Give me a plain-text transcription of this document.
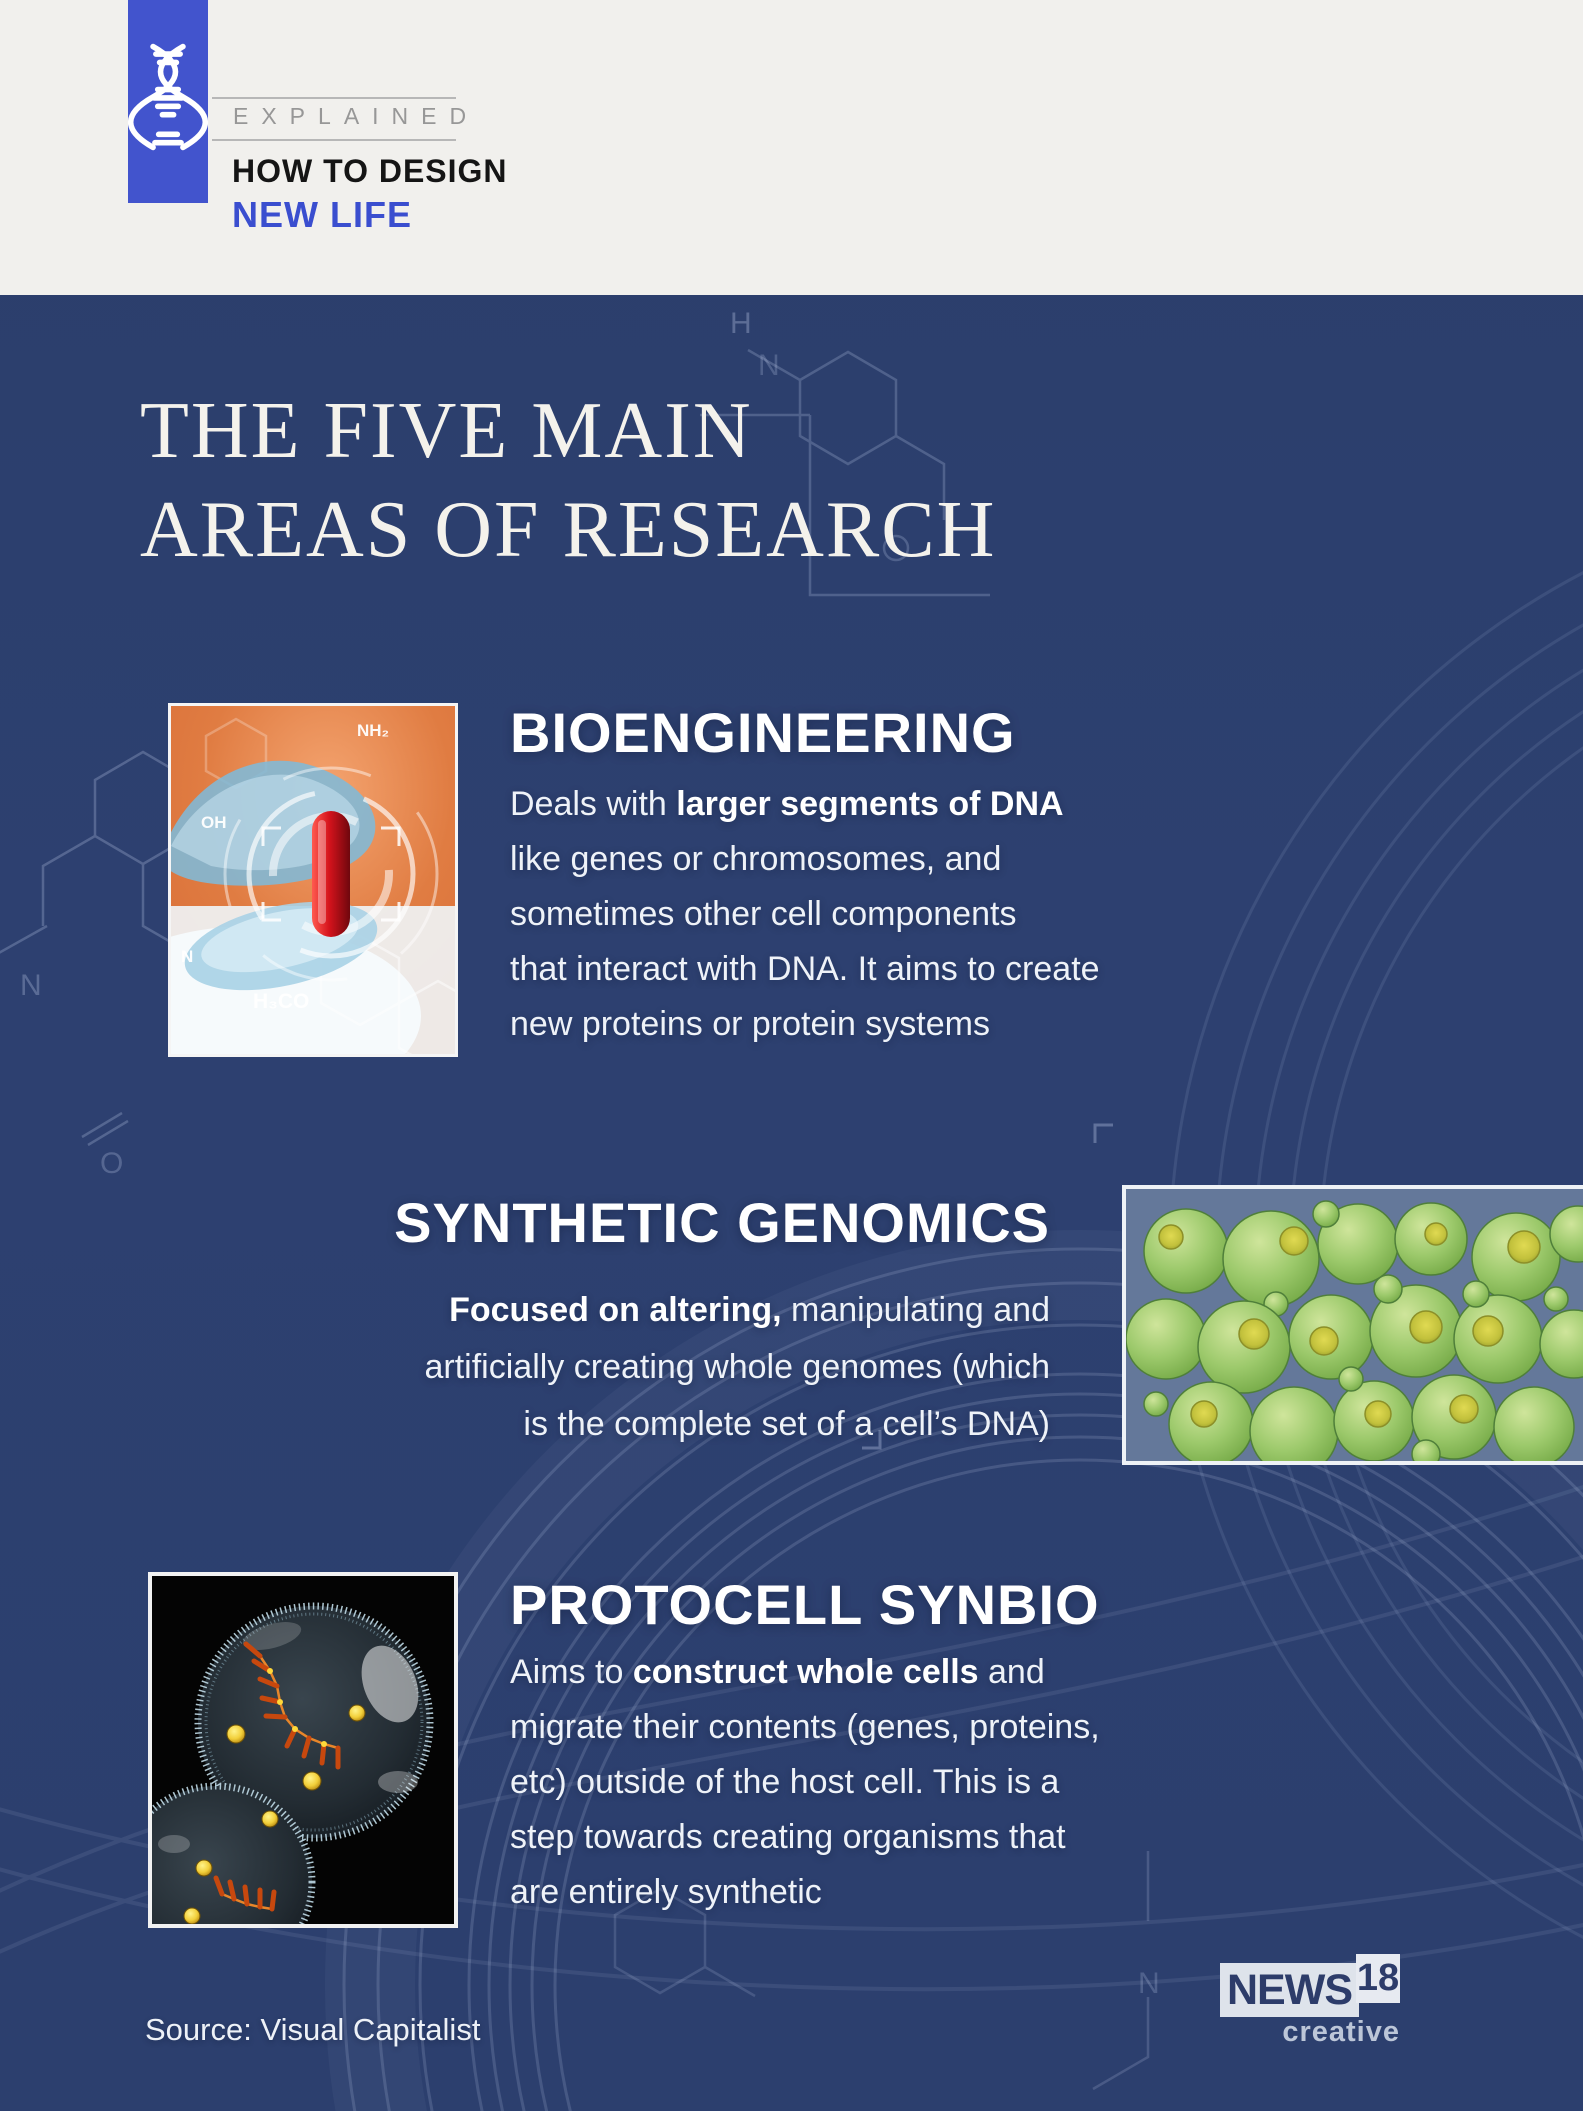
EXPLAINED
HOW TO DESIGN
NEW LIFE
H
N
N
O
N
THE FIVE MAIN
AREAS OF RESEARCH
NH₂
OH
N
H₃CO
BIOENGINEERING

Deals with larger segments of DNA
like genes or chromosomes, and
sometimes other cell components
that interact with DNA. It aims to create
new proteins or protein systems

SYNTHETIC GENOMICS

Focused on altering, manipulating and
artificially creating whole genomes (which
is the complete set of a cell’s DNA)

PROTOCELL SYNBIO

Aims to construct whole cells and
migrate their contents (genes, proteins,
etc) outside of the host cell. This is a
step towards creating organisms that
are entirely synthetic

Source: Visual Capitalist
NEWS 18
creative
